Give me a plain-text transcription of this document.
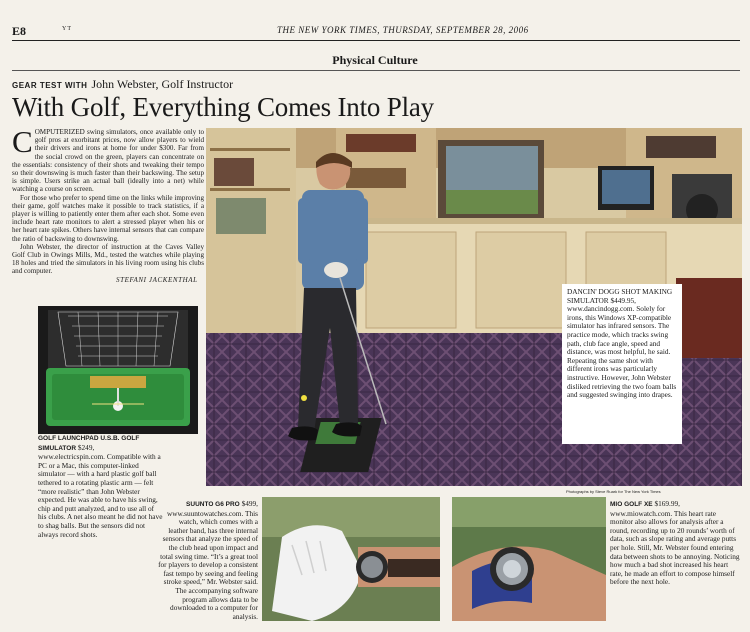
E8	YT	THE NEW YORK TIMES, THURSDAY, SEPTEMBER 28, 2006
Physical Culture
GEAR TEST WITH John Webster, Golf Instructor
With Golf, Everything Comes Into Play

COMPUTERIZED swing simulators, once available only to golf pros at exorbitant prices, now allow players to wield their drivers and irons at home for under $300. Far from the social crowd on the green, players can concentrate on the essentials: consistency of their shots and tweaking their tempo so their downswing is much faster than their backswing. The setup is simple. Users strike an actual ball (ideally into a net) while watching a course on screen.

For those who prefer to spend time on the links while improving their game, golf watches make it possible to track statistics, if a player is willing to patiently enter them after each shot. Some even include heart rate monitors to alert a stressed player when his or her heart rate spikes. Others have internal sensors that can compare the ratio of backswing to downswing.

John Webster, the director of instruction at the Caves Valley Golf Club in Owings Mills, Md., tested the watches while playing 18 holes and tried the simulators in his living room using his clubs and computer.

STEFANI JACKENTHAL
DANCIN' DOGG SHOT MAKING SIMULATOR $449.95, www.dancindogg.com. Solely for irons, this Windows XP-compatible simulator has infrared sensors. The practice mode, which tracks swing path, club face angle, speed and distance, was most helpful, he said. Repeating the same shot with different irons was particularly instructive. However, John Webster disliked retrieving the two foam balls and suggested swinging into drapes.
Photographs by Steve Ruark for The New York Times
GOLF LAUNCHPAD U.S.B. GOLF SIMULATOR $249, www.electricspin.com. Compatible with a PC or a Mac, this computer-linked simulator — with a hard plastic golf ball tethered to a rotating plastic arm — felt “more realistic” than John Webster expected. He was able to have his swing, chip and putt analyzed, and to use all of his clubs. A net also meant he did not have to shag balls. But the sensors did not always record shots.
SUUNTO G6 PRO $499, www.suuntowatches.com. This watch, which comes with a leather band, has three internal sensors that analyze the speed of the club head upon impact and total swing time. “It’s a great tool for players to develop a consistent fast tempo by seeing and feeling stroke speed,” Mr. Webster said. The accompanying software program allows data to be downloaded to a computer for analysis.
MIO GOLF XE $169.99, www.miowatch.com. This heart rate monitor also allows for analysis after a round, recording up to 20 rounds’ worth of data, such as slope rating and average putts per hole. Still, Mr. Webster found entering data between shots to be annoying. Noticing how much a bad shot increased his heart rate, he made an effort to compose himself before the next hole.
